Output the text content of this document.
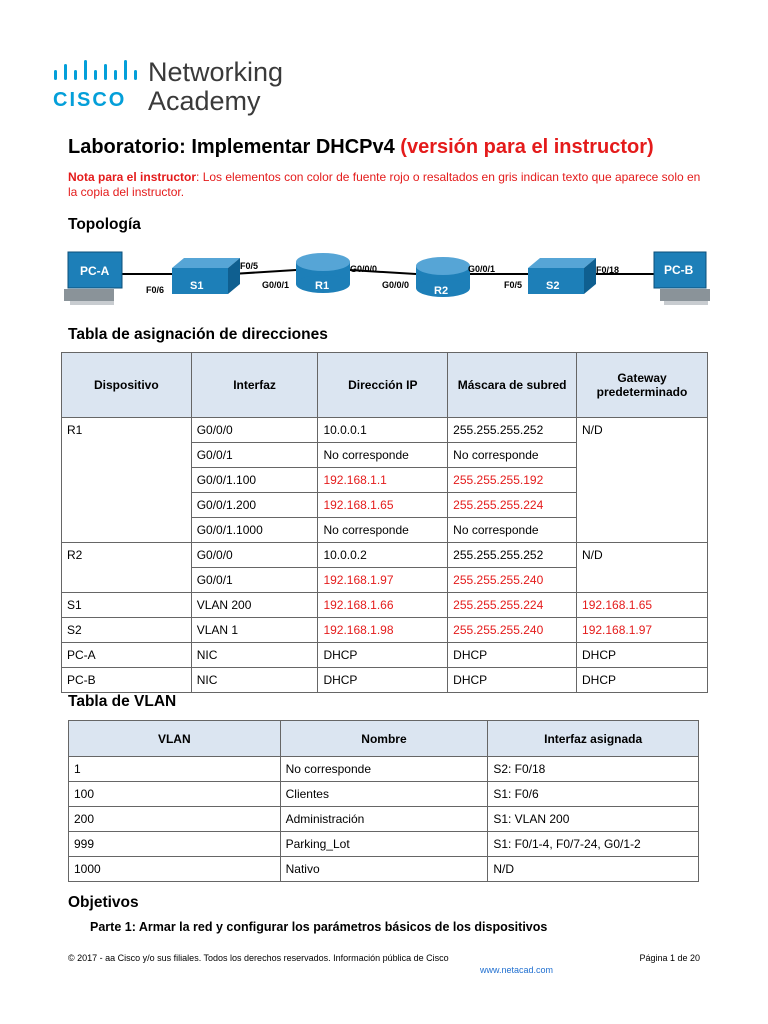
CISCO
Networking
Academy
Laboratorio: Implementar DHCPv4 (versión para el instructor)
Nota para el instructor: Los elementos con color de fuente rojo o resaltados en gris indican texto que aparece solo en la copia del instructor.
Topología
PC-A
F0/6 S1
F0/5
G0/0/1 R1
G0/0/0
G0/0/0 R2
G0/0/1
F0/5 S2
F0/18	PC-B
Tabla de asignación de direcciones
Dispositivo	Interfaz	Dirección IP	Máscara de subred	Gateway predeterminado
R1	G0/0/0	10.0.0.1	255.255.255.252	N/D
	G0/0/1	No corresponde	No corresponde	
	G0/0/1.100	192.168.1.1	255.255.255.192	
	G0/0/1.200	192.168.1.65	255.255.255.224	
	G0/0/1.1000	No corresponde	No corresponde	
R2	G0/0/0	10.0.0.2	255.255.255.252	N/D
	G0/0/1	192.168.1.97	255.255.255.240	
S1	VLAN 200	192.168.1.66	255.255.255.224	192.168.1.65
S2	VLAN 1	192.168.1.98	255.255.255.240	192.168.1.97
PC-A	NIC	DHCP	DHCP	DHCP
PC-B	NIC	DHCP	DHCP	DHCP
Tabla de VLAN
VLAN	Nombre	Interfaz asignada
1	No corresponde	S2: F0/18
100	Clientes	S1: F0/6
200	Administración	S1: VLAN 200
999	Parking_Lot	S1: F0/1-4, F0/7-24, G0/1-2
1000	Nativo	N/D
Objetivos
Parte 1: Armar la red y configurar los parámetros básicos de los dispositivos
© 2017 - aa Cisco y/o sus filiales. Todos los derechos reservados. Información pública de Cisco	Página 1 de 20
www.netacad.com
